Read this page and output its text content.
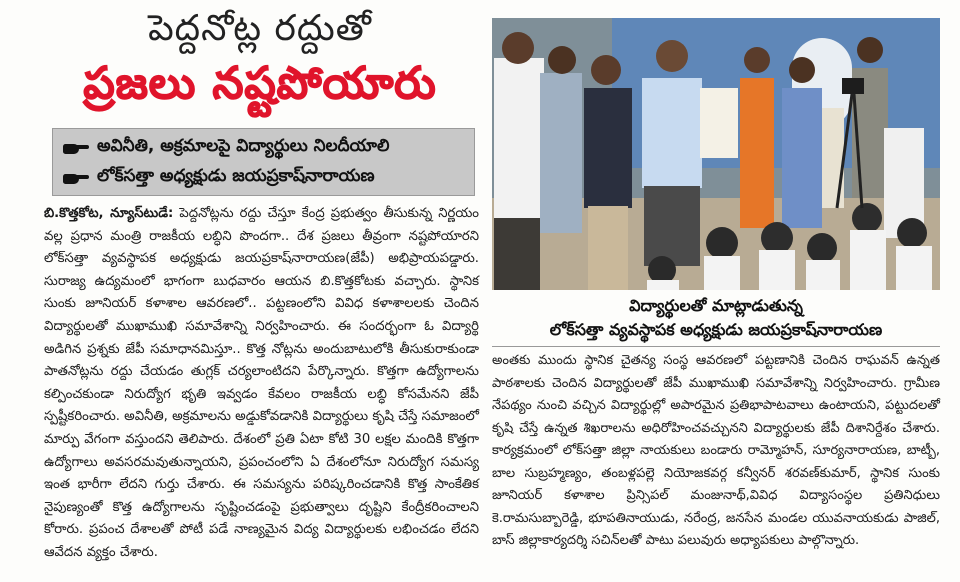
పెద్దనోట్ల రద్దుతో
ప్రజలు నష్టపోయారు
అవినీతి, అక్రమాలపై విద్యార్థులు నిలదీయాలి
లోక్‌సత్తా అధ్యక్షుడు జయప్రకాష్‌నారాయణ
బి.కొత్తకోట, న్యూస్‌టుడే: పెద్దనోట్లను రద్దు చేస్తూ కేంద్ర ప్రభుత్వం తీసుకున్న నిర్ణయం వల్ల ప్రధాన మంత్రి రాజకీయ లబ్ధిని పొందగా.. దేశ ప్రజలు తీవ్రంగా నష్టపోయారని లోక్‌సత్తా వ్యవస్థాపక అధ్యక్షుడు జయప్రకాష్‌నారాయణ(జేపీ) అభిప్రాయపడ్డారు. సురాజ్య ఉద్యమంలో భాగంగా బుధవారం ఆయన బి.కొత్తకోటకు వచ్చారు. స్థానిక సుంకు జూనియర్ కళాశాల ఆవరణలో.. పట్టణంలోని వివిధ కళాశాలలకు చెందిన విద్యార్థులతో ముఖాముఖి సమావేశాన్ని నిర్వహించారు. ఈ సందర్భంగా ఓ విద్యార్థి అడిగిన ప్రశ్నకు జేపీ సమాధానమిస్తూ.. కొత్త నోట్లను అందుబాటులోకి తీసుకురాకుండా పాతనోట్లను రద్దు చేయడం తుగ్లక్ చర్యలాంటిదని పేర్కొన్నారు. కొత్తగా ఉద్యోగాలను కల్పించకుండా నిరుద్యోగ భృతి ఇవ్వడం కేవలం రాజకీయ లబ్ధి కోసమేనని జేపీ స్పష్టీకరించారు. అవినీతి, అక్రమాలను అడ్డుకోవడానికి విద్యార్థులు కృషి చేస్తే సమాజంలో మార్పు వేగంగా వస్తుందని తెలిపారు. దేశంలో ప్రతి ఏటా కోటి 30 లక్షల మందికి కొత్తగా ఉద్యోగాలు అవసరమవుతున్నాయని, ప్రపంచంలోని ఏ దేశంలోనూ నిరుద్యోగ సమస్య ఇంత భారీగా లేదని గుర్తు చేశారు. ఈ సమస్యను పరిష్కరించడానికి కొత్త సాంకేతిక నైపుణ్యంతో కొత్త ఉద్యోగాలను సృష్టించడంపై ప్రభుత్వాలు దృష్టిని కేంద్రీకరించాలని కోరారు. ప్రపంచ దేశాలతో పోటీ పడే నాణ్యమైన విద్య విద్యార్థులకు లభించడం లేదని ఆవేదన వ్యక్తం చేశారు.
విద్యార్థులతో మాట్లాడుతున్న
లోక్‌సత్తా వ్యవస్థాపక అధ్యక్షుడు జయప్రకాష్‌నారాయణ
అంతకు ముందు స్థానిక చైతన్య సంస్థ ఆవరణలో పట్టణానికి చెందిన రాఘవన్ ఉన్నత పాఠశాలకు చెందిన విద్యార్థులతో జేపీ ముఖాముఖి సమావేశాన్ని నిర్వహించారు. గ్రామీణ నేపథ్యం నుంచి వచ్చిన విద్యార్థుల్లో అపారమైన ప్రతిభాపాటవాలు ఉంటాయని, పట్టుదలతో కృషి చేస్తే ఉన్నత శిఖరాలను అధిరోహించవచ్చునని విద్యార్థులకు జేపీ దిశానిర్దేశం చేశారు. కార్యక్రమంలో లోక్‌సత్తా జిల్లా నాయకులు బండారు రామ్మోహన్, సూర్యనారాయణ, బాట్బీ, బాల సుబ్రహ్మణ్యం, తంబళ్లపల్లె నియోజకవర్గ కన్వీనర్ శరవణ్‌కుమార్, స్థానిక సుంకు జూనియర్ కళాశాల ప్రిన్సిపల్ మంజునాథ్,వివిధ విద్యాసంస్థల ప్రతినిధులు కె.రామసుబ్బారెడ్డి, భూపతినాయుడు, నరేంద్ర, జనసేన మండల యువనాయకుడు పాజిల్, బాస్ జిల్లాకార్యదర్శి సచిన్‌లతో పాటు పలువురు అధ్యాపకులు పాల్గొన్నారు.
